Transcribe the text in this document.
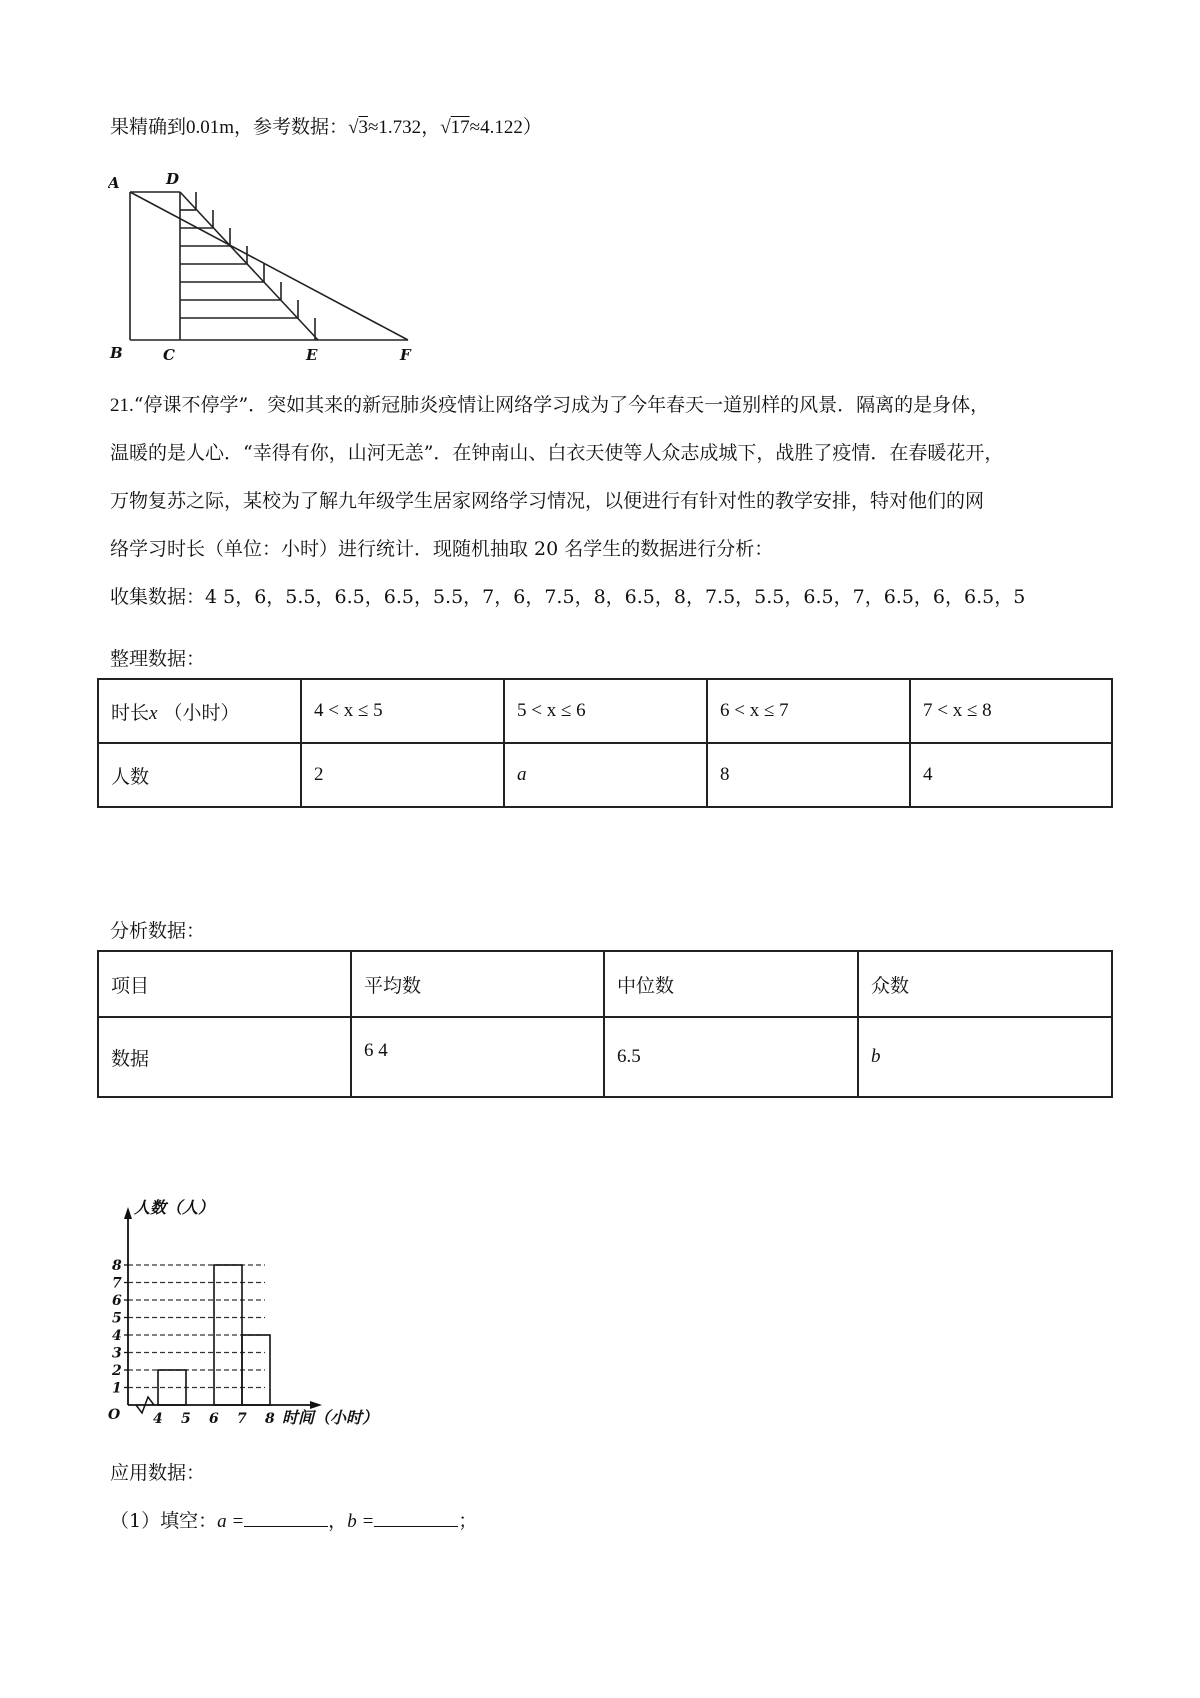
果精确到0.01m，参考数据：√3≈1.732，√17≈4.122）
A	D
B	C	E	F
21.“停课不停学”．突如其来的新冠肺炎疫情让网络学习成为了今年春天一道别样的风景．隔离的是身体，
温暖的是人心．“幸得有你，山河无恙”．在钟南山、白衣天使等人众志成城下，战胜了疫情．在春暖花开，
万物复苏之际，某校为了解九年级学生居家网络学习情况，以便进行有针对性的教学安排，特对他们的网
络学习时长（单位：小时）进行统计．现随机抽取 20 名学生的数据进行分析：
收集数据：4 5，6，5.5，6.5，6.5，5.5，7，6，7.5，8，6.5，8，7.5，5.5，6.5，7，6.5，6，6.5，5
整理数据：
时长x （小时）	4 < x ≤ 5	5 < x ≤ 6	6 < x ≤ 7	7 < x ≤ 8
人数	2	a	8	4
分析数据：
项目	平均数	中位数	众数
数据	6 4	6.5	b
1
2
3
4
5
6
7
8
4 5 6 7 8
O
人数（人）
时间（小时）
应用数据：
（1）填空：a =	，b =	；
